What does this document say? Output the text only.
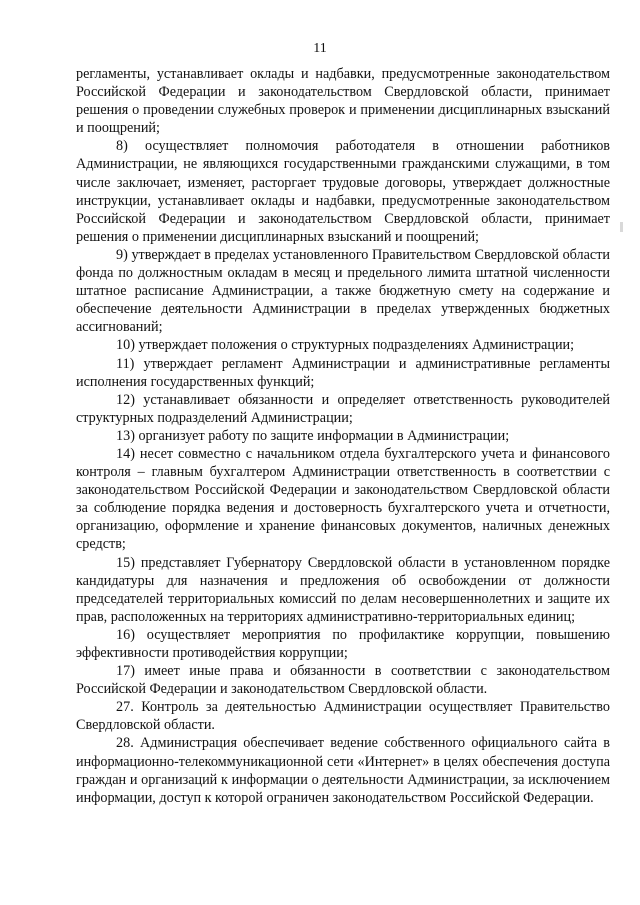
11

регламенты, устанавливает оклады и надбавки, предусмотренные законодательством Российской Федерации и законодательством Свердловской области, принимает решения о проведении служебных проверок и применении дисциплинарных взысканий и поощрений;

8) осуществляет полномочия работодателя в отношении работников Администрации, не являющихся государственными гражданскими служащими, в том числе заключает, изменяет, расторгает трудовые договоры, утверждает должностные инструкции, устанавливает оклады и надбавки, предусмотренные законодательством Российской Федерации и законодательством Свердловской области, принимает решения о применении дисциплинарных взысканий и поощрений;

9) утверждает в пределах установленного Правительством Свердловской области фонда по должностным окладам в месяц и предельного лимита штатной численности штатное расписание Администрации, а также бюджетную смету на содержание и обеспечение деятельности Администрации в пределах утвержденных бюджетных ассигнований;

10) утверждает положения о структурных подразделениях Администрации;

11) утверждает регламент Администрации и административные регламенты исполнения государственных функций;

12) устанавливает обязанности и определяет ответственность руководителей структурных подразделений Администрации;

13) организует работу по защите информации в Администрации;

14) несет совместно с начальником отдела бухгалтерского учета и финансового контроля – главным бухгалтером Администрации ответственность в соответствии с законодательством Российской Федерации и законодательством Свердловской области за соблюдение порядка ведения и достоверность бухгалтерского учета и отчетности, организацию, оформление и хранение финансовых документов, наличных денежных средств;

15) представляет Губернатору Свердловской области в установленном порядке кандидатуры для назначения и предложения об освобождении от должности председателей территориальных комиссий по делам несовершеннолетних и защите их прав, расположенных на территориях административно-территориальных единиц;

16) осуществляет мероприятия по профилактике коррупции, повышению эффективности противодействия коррупции;

17) имеет иные права и обязанности в соответствии с законодательством Российской Федерации и законодательством Свердловской области.

27. Контроль за деятельностью Администрации осуществляет Правительство Свердловской области.

28. Администрация обеспечивает ведение собственного официального сайта в информационно-телекоммуникационной сети «Интернет» в целях обеспечения доступа граждан и организаций к информации о деятельности Администрации, за исключением информации, доступ к которой ограничен законодательством Российской Федерации.
